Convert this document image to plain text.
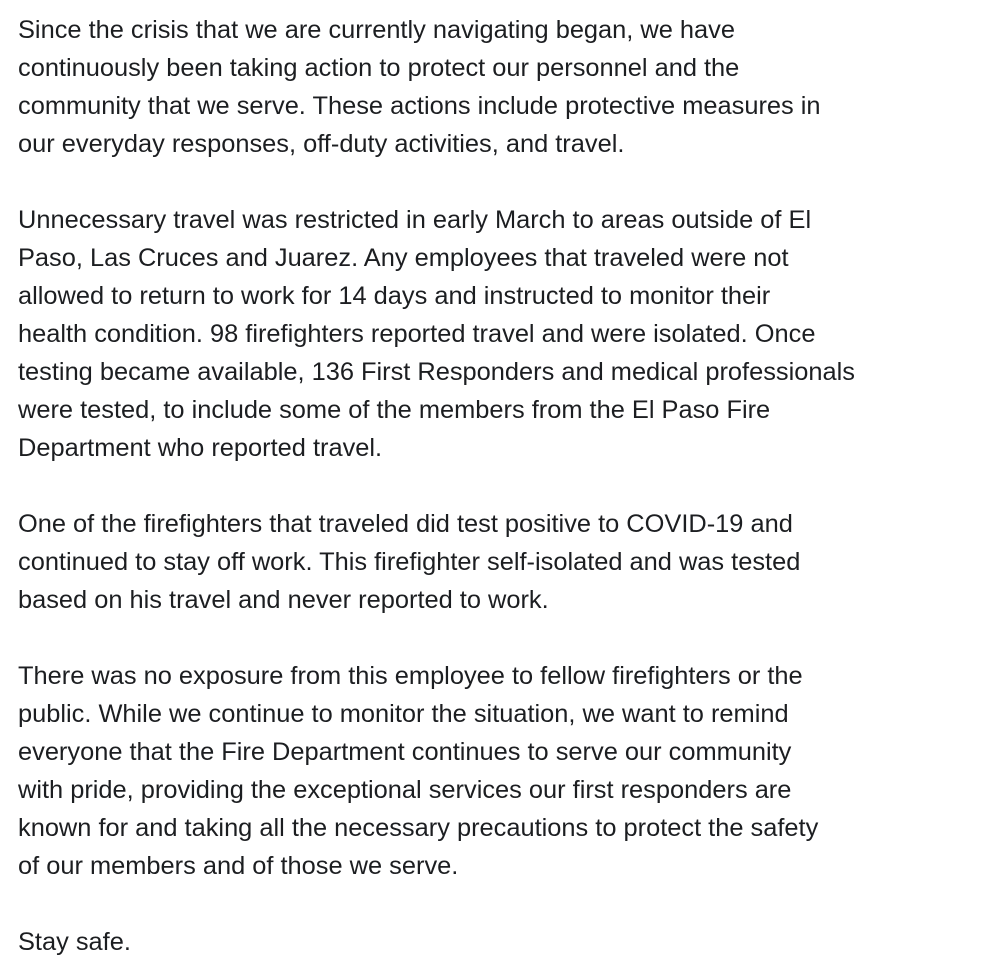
Since the crisis that we are currently navigating began, we have
continuously been taking action to protect our personnel and the
community that we serve. These actions include protective measures in
our everyday responses, off-duty activities, and travel.

Unnecessary travel was restricted in early March to areas outside of El
Paso, Las Cruces and Juarez. Any employees that traveled were not
allowed to return to work for 14 days and instructed to monitor their
health condition. 98 firefighters reported travel and were isolated. Once
testing became available, 136 First Responders and medical professionals
were tested, to include some of the members from the El Paso Fire
Department who reported travel.

One of the firefighters that traveled did test positive to COVID-19 and
continued to stay off work. This firefighter self-isolated and was tested
based on his travel and never reported to work.

There was no exposure from this employee to fellow firefighters or the
public. While we continue to monitor the situation, we want to remind
everyone that the Fire Department continues to serve our community
with pride, providing the exceptional services our first responders are
known for and taking all the necessary precautions to protect the safety
of our members and of those we serve.

Stay safe.
